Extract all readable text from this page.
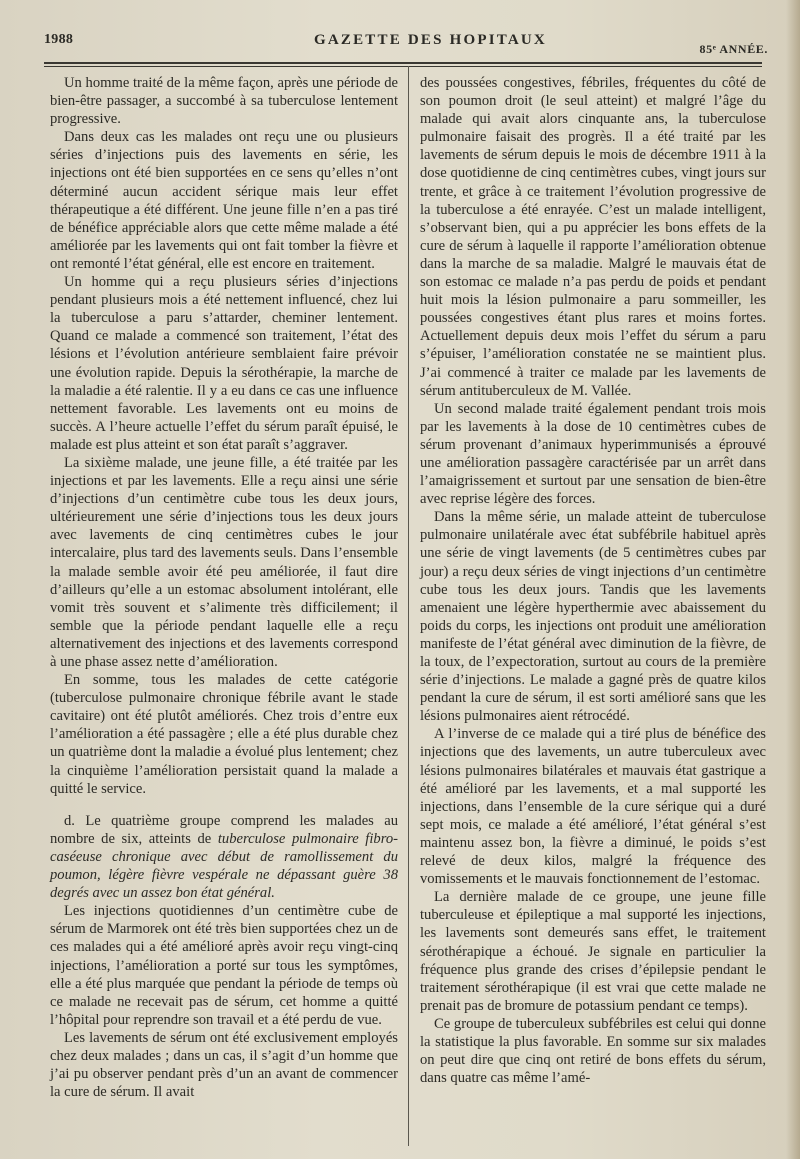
1988	GAZETTE DES HOPITAUX
85ᵉ ANNÉE.

Un homme traité de la même façon, après une période de bien-être passager, a succombé à sa tuberculose lentement progressive.

Dans deux cas les malades ont reçu une ou plusieurs séries d’injections puis des lavements en série, les injections ont été bien supportées en ce sens qu’elles n’ont déterminé aucun accident sérique mais leur effet thérapeutique a été différent. Une jeune fille n’en a pas tiré de bénéfice appréciable alors que cette même malade a été améliorée par les lavements qui ont fait tomber la fièvre et ont remonté l’état général, elle est encore en traitement.

Un homme qui a reçu plusieurs séries d’injections pendant plusieurs mois a été nettement influencé, chez lui la tuberculose a paru s’attarder, cheminer lentement. Quand ce malade a commencé son traitement, l’état des lésions et l’évolution antérieure semblaient faire prévoir une évolution rapide. Depuis la sérothérapie, la marche de la maladie a été ralentie. Il y a eu dans ce cas une influence nettement favorable. Les lavements ont eu moins de succès. A l’heure actuelle l’effet du sérum paraît épuisé, le malade est plus atteint et son état paraît s’aggraver.

La sixième malade, une jeune fille, a été traitée par les injections et par les lavements. Elle a reçu ainsi une série d’injections d’un centimètre cube tous les deux jours, ultérieurement une série d’injections tous les deux jours avec lavements de cinq centimètres cubes le jour intercalaire, plus tard des lavements seuls. Dans l’ensemble la malade semble avoir été peu améliorée, il faut dire d’ailleurs qu’elle a un estomac absolument intolérant, elle vomit très souvent et s’alimente très difficilement; il semble que la période pendant laquelle elle a reçu alternativement des injections et des lavements correspond à une phase assez nette d’amélioration.

En somme, tous les malades de cette catégorie (tuberculose pulmonaire chronique fébrile avant le stade cavitaire) ont été plutôt améliorés. Chez trois d’entre eux l’amélioration a été passagère ; elle a été plus durable chez un quatrième dont la maladie a évolué plus lentement; chez la cinquième l’amélioration persistait quand la malade a quitté le service.

d. Le quatrième groupe comprend les malades au nombre de six, atteints de tuberculose pulmonaire fibro-caséeuse chronique avec début de ramollissement du poumon, légère fièvre vespérale ne dépassant guère 38 degrés avec un assez bon état général.

Les injections quotidiennes d’un centimètre cube de sérum de Marmorek ont été très bien supportées chez un de ces malades qui a été amélioré après avoir reçu vingt-cinq injections, l’amélioration a porté sur tous les symptômes, elle a été plus marquée que pendant la période de temps où ce malade ne recevait pas de sérum, cet homme a quitté l’hôpital pour reprendre son travail et a été perdu de vue.

Les lavements de sérum ont été exclusivement employés chez deux malades ; dans un cas, il s’agit d’un homme que j’ai pu observer pendant près d’un an avant de commencer la cure de sérum. Il avait

des poussées congestives, fébriles, fréquentes du côté de son poumon droit (le seul atteint) et malgré l’âge du malade qui avait alors cinquante ans, la tuberculose pulmonaire faisait des progrès. Il a été traité par les lavements de sérum depuis le mois de décembre 1911 à la dose quotidienne de cinq centimètres cubes, vingt jours sur trente, et grâce à ce traitement l’évolution progressive de la tuberculose a été enrayée. C’est un malade intelligent, s’observant bien, qui a pu apprécier les bons effets de la cure de sérum à laquelle il rapporte l’amélioration obtenue dans la marche de sa maladie. Malgré le mauvais état de son estomac ce malade n’a pas perdu de poids et pendant huit mois la lésion pulmonaire a paru sommeiller, les poussées congestives étant plus rares et moins fortes. Actuellement depuis deux mois l’effet du sérum a paru s’épuiser, l’amélioration constatée ne se maintient plus. J’ai commencé à traiter ce malade par les lavements de sérum antituberculeux de M. Vallée.

Un second malade traité également pendant trois mois par les lavements à la dose de 10 centimètres cubes de sérum provenant d’animaux hyperimmunisés a éprouvé une amélioration passagère caractérisée par un arrêt dans l’amaigrissement et surtout par une sensation de bien-être avec reprise légère des forces.

Dans la même série, un malade atteint de tuberculose pulmonaire unilatérale avec état subfébrile habituel après une série de vingt lavements (de 5 centimètres cubes par jour) a reçu deux séries de vingt injections d’un centimètre cube tous les deux jours. Tandis que les lavements amenaient une légère hyperthermie avec abaissement du poids du corps, les injections ont produit une amélioration manifeste de l’état général avec diminution de la fièvre, de la toux, de l’expectoration, surtout au cours de la première série d’injections. Le malade a gagné près de quatre kilos pendant la cure de sérum, il est sorti amélioré sans que les lésions pulmonaires aient rétrocédé.

A l’inverse de ce malade qui a tiré plus de bénéfice des injections que des lavements, un autre tuberculeux avec lésions pulmonaires bilatérales et mauvais état gastrique a été amélioré par les lavements, et a mal supporté les injections, dans l’ensemble de la cure sérique qui a duré sept mois, ce malade a été amélioré, l’état général s’est maintenu assez bon, la fièvre a diminué, le poids s’est relevé de deux kilos, malgré la fréquence des vomissements et le mauvais fonctionnement de l’estomac.

La dernière malade de ce groupe, une jeune fille tuberculeuse et épileptique a mal supporté les injections, les lavements sont demeurés sans effet, le traitement sérothérapique a échoué. Je signale en particulier la fréquence plus grande des crises d’épilepsie pendant le traitement sérothérapique (il est vrai que cette malade ne prenait pas de bromure de potassium pendant ce temps).

Ce groupe de tuberculeux subfébriles est celui qui donne la statistique la plus favorable. En somme sur six malades on peut dire que cinq ont retiré de bons effets du sérum, dans quatre cas même l’amé-
